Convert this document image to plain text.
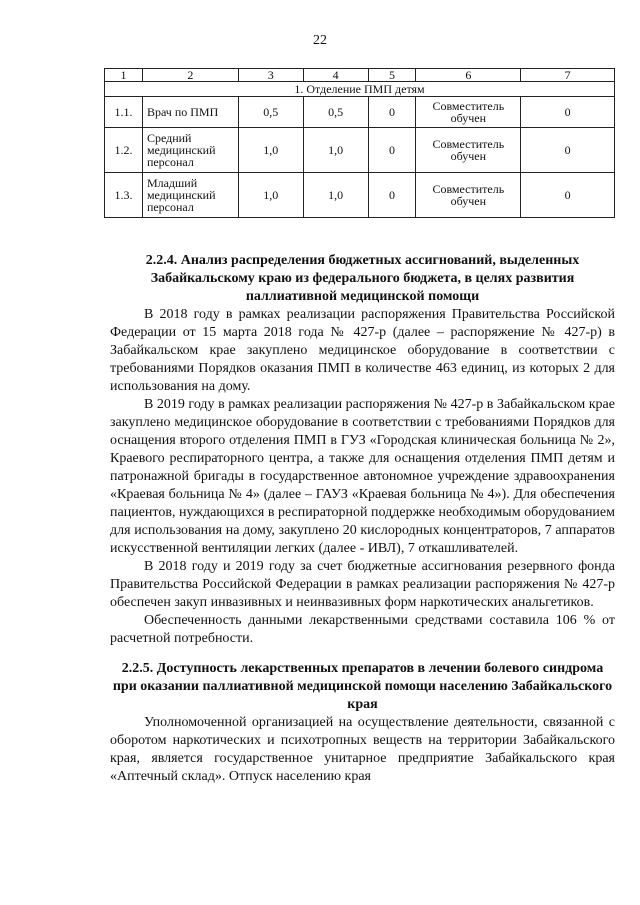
22
1	2	3	4	5	6	7
1. Отделение ПМП детям						
1.1.	Врач по ПМП	0,5	0,5	0	Совместитель обучен	0
1.2.	Средний медицинский персонал	1,0	1,0	0	Совместитель обучен	0
1.3.	Младший медицинский персонал	1,0	1,0	0	Совместитель обучен	0
2.2.4. Анализ распределения бюджетных ассигнований, выделенных Забайкальскому краю из федерального бюджета, в целях развития паллиативной медицинской помощи

В 2018 году в рамках реализации распоряжения Правительства Российской Федерации от 15 марта 2018 года № 427-р (далее – распоряжение № 427-р) в Забайкальском крае закуплено медицинское оборудование в соответствии с требованиями Порядков оказания ПМП в количестве 463 единиц, из которых 2 для использования на дому.

В 2019 году в рамках реализации распоряжения № 427-р в Забайкальском крае закуплено медицинское оборудование в соответствии с требованиями Порядков для оснащения второго отделения ПМП в ГУЗ «Городская клиническая больница № 2», Краевого респираторного центра, а также для оснащения отделения ПМП детям и патронажной бригады в государственное автономное учреждение здравоохранения «Краевая больница № 4» (далее – ГАУЗ «Краевая больница № 4»). Для обеспечения пациентов, нуждающихся в респираторной поддержке необходимым оборудованием для использования на дому, закуплено 20 кислородных концентраторов, 7 аппаратов искусственной вентиляции легких (далее - ИВЛ), 7 откашливателей.

В 2018 году и 2019 году за счет бюджетные ассигнования резервного фонда Правительства Российской Федерации в рамках реализации распоряжения № 427-р обеспечен закуп инвазивных и неинвазивных форм наркотических анальгетиков.

Обеспеченность данными лекарственными средствами составила 106 % от расчетной потребности.

2.2.5. Доступность лекарственных препаратов в лечении болевого синдрома при оказании паллиативной медицинской помощи населению Забайкальского края

Уполномоченной организацией на осуществление деятельности, связанной с оборотом наркотических и психотропных веществ на территории Забайкальского края, является государственное унитарное предприятие Забайкальского края «Аптечный склад». Отпуск населению края
